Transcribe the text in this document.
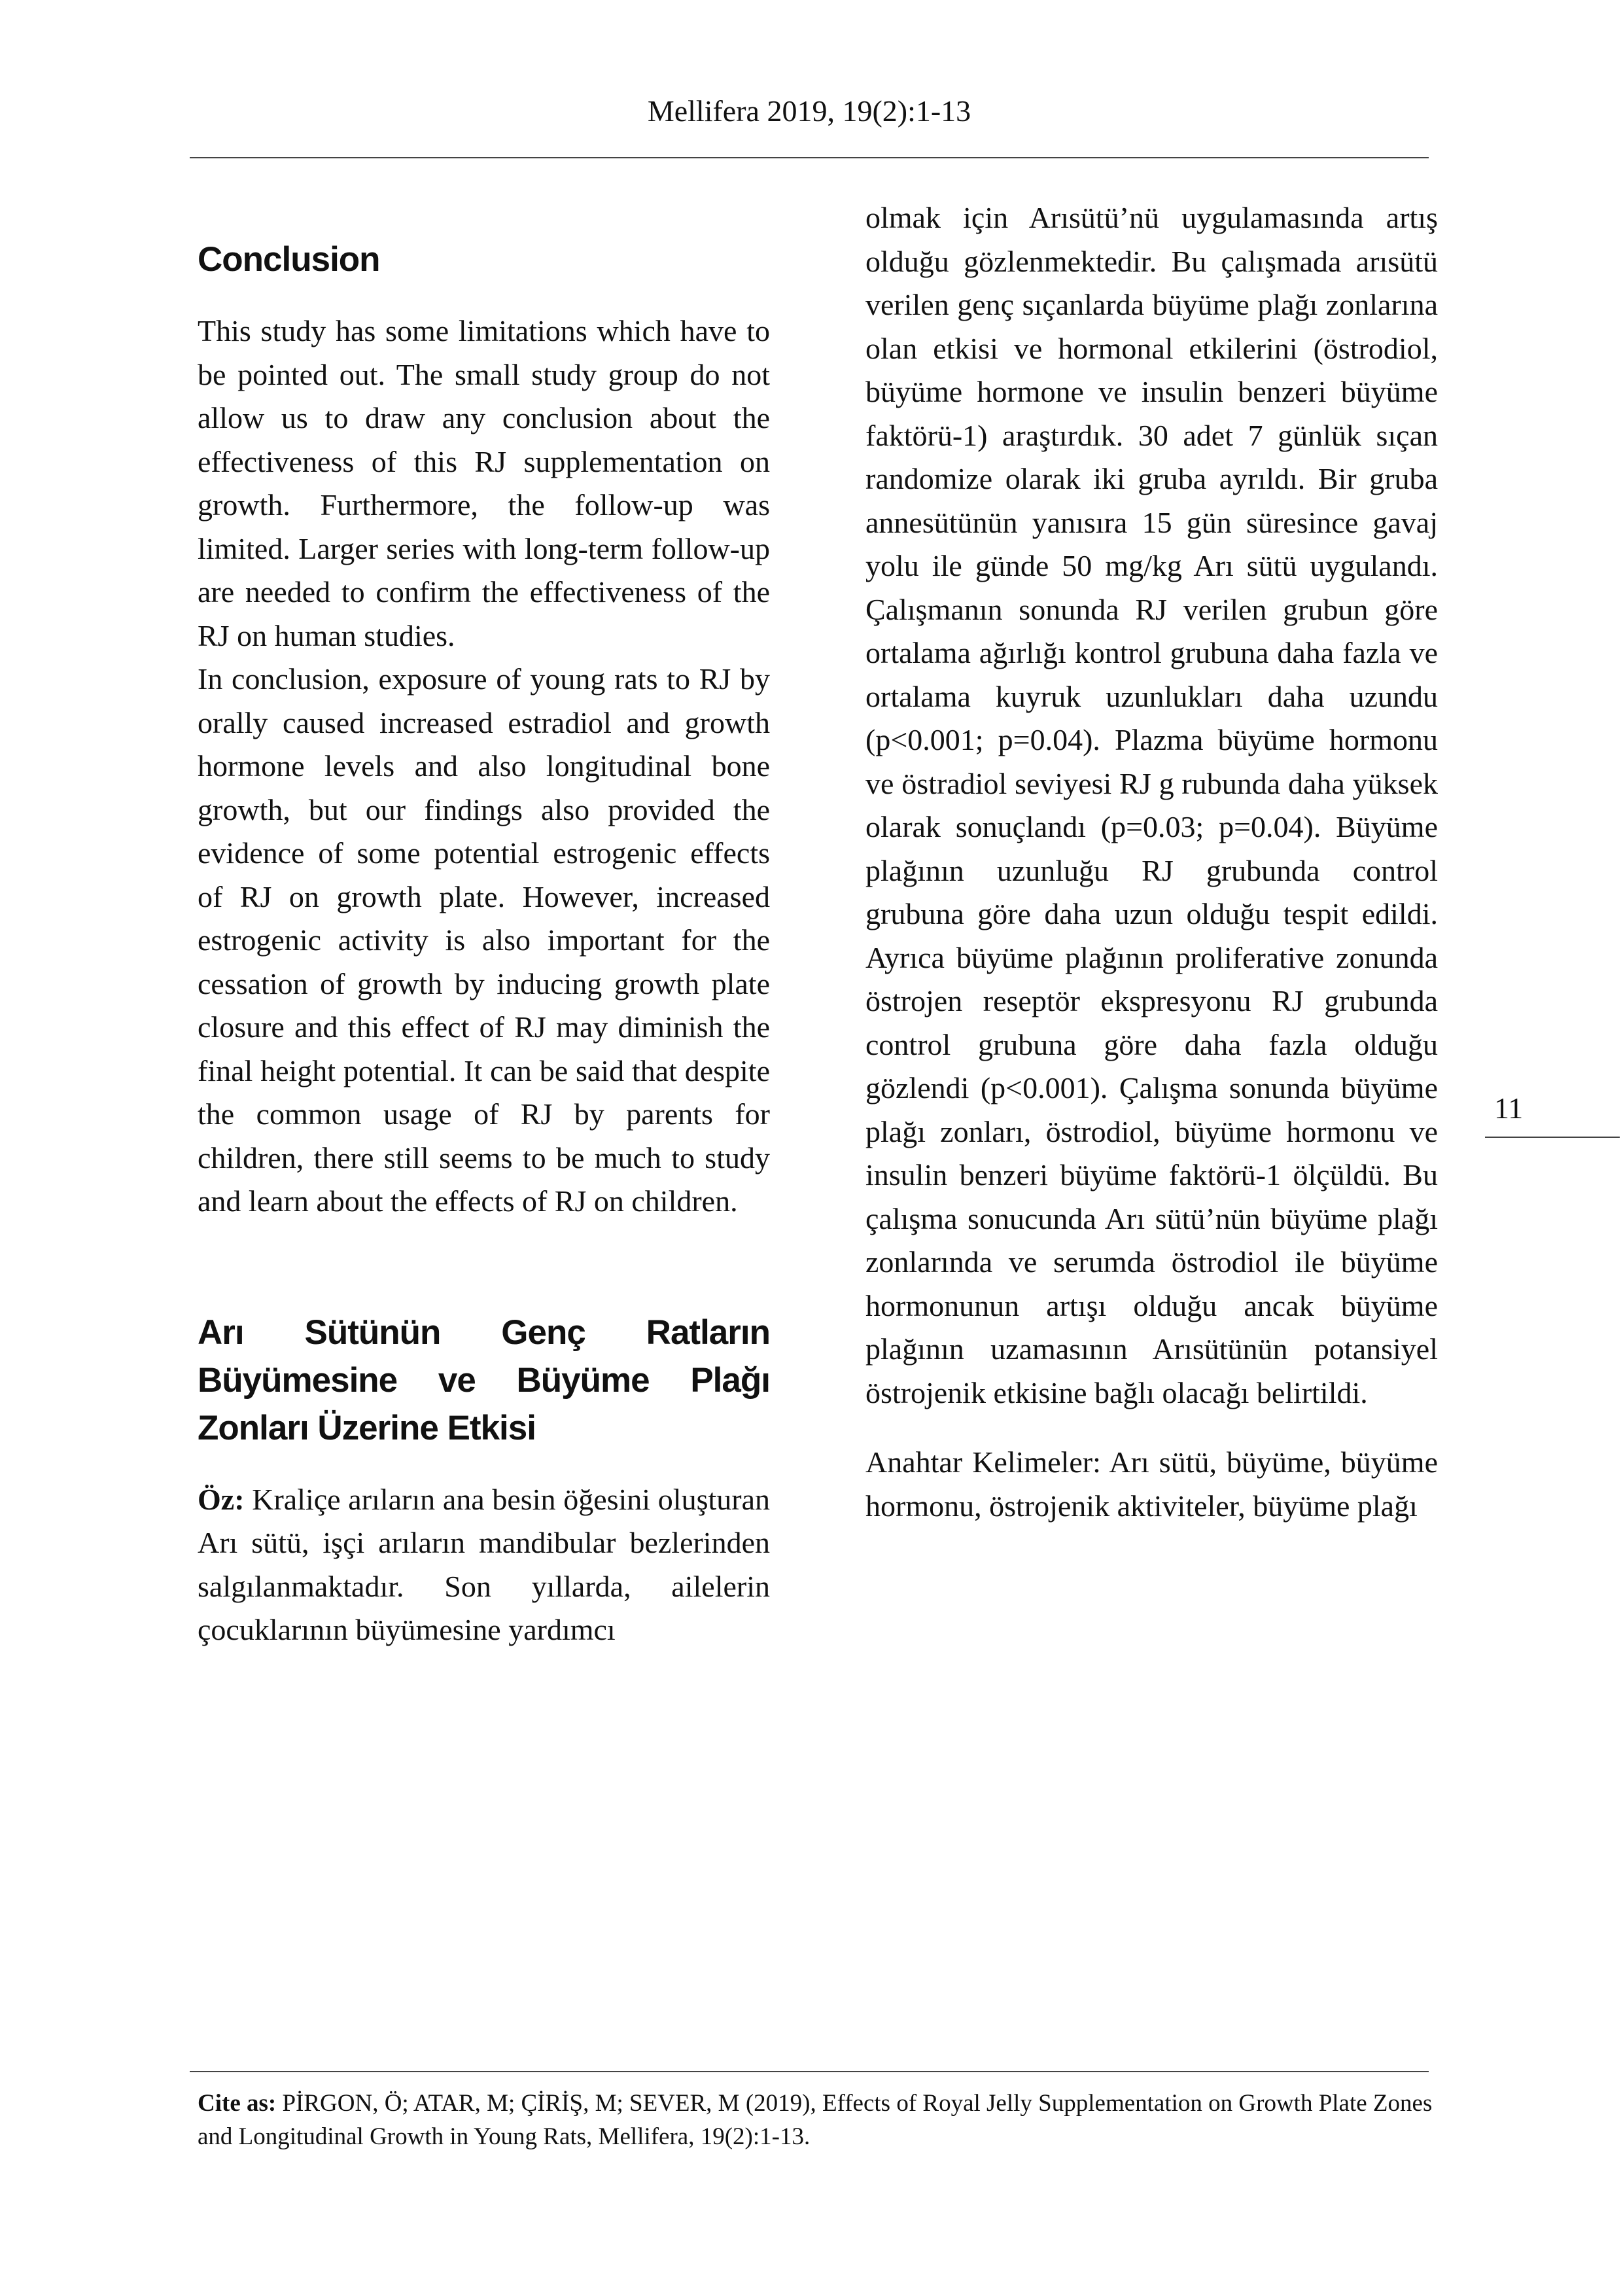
Mellifera 2019, 19(2):1-13
Conclusion

This study has some limitations which have to be pointed out. The small study group do not allow us to draw any conclusion about the effectiveness of this RJ supplementation on growth. Furthermore, the follow-up was limited. Larger series with long-term follow-up are needed to confirm the effectiveness of the RJ on human studies.

In conclusion, exposure of young rats to RJ by orally caused increased estradiol and growth hormone levels and also longitudinal bone growth, but our findings also provided the evidence of some potential estrogenic effects of RJ on growth plate. However, increased estrogenic activity is also important for the cessation of growth by inducing growth plate closure and this effect of RJ may diminish the final height potential. It can be said that despite the common usage of RJ by parents for children, there still seems to be much to study and learn about the effects of RJ on children.

Arı Sütünün Genç Ratların Büyümesine ve Büyüme Plağı Zonları Üzerine Etkisi

Öz: Kraliçe arıların ana besin öğesini oluşturan Arı sütü, işçi arıların mandibular bezlerinden salgılanmaktadır. Son yıllarda, ailelerin çocuklarının büyümesine yardımcı

olmak için Arısütü’nü uygulamasında artış olduğu gözlenmektedir. Bu çalışmada arısütü verilen genç sıçanlarda büyüme plağı zonlarına olan etkisi ve hormonal etkilerini (östrodiol, büyüme hormone ve insulin benzeri büyüme faktörü-1) araştırdık. 30 adet 7 günlük sıçan randomize olarak iki gruba ayrıldı. Bir gruba annesütünün yanısıra 15 gün süresince gavaj yolu ile günde 50 mg/kg Arı sütü uygulandı. Çalışmanın sonunda RJ verilen grubun göre ortalama ağırlığı kontrol grubuna daha fazla ve ortalama kuyruk uzunlukları daha uzundu (p<0.001; p=0.04). Plazma büyüme hormonu ve östradiol seviyesi RJ g rubunda daha yüksek olarak sonuçlandı (p=0.03; p=0.04). Büyüme plağının uzunluğu RJ grubunda control grubuna göre daha uzun olduğu tespit edildi. Ayrıca büyüme plağının proliferative zonunda östrojen reseptör ekspresyonu RJ grubunda control grubuna göre daha fazla olduğu gözlendi (p<0.001). Çalışma sonunda büyüme plağı zonları, östrodiol, büyüme hormonu ve insulin benzeri büyüme faktörü-1 ölçüldü. Bu çalışma sonucunda Arı sütü’nün büyüme plağı zonlarında ve serumda östrodiol ile büyüme hormonunun artışı olduğu ancak büyüme plağının uzamasının Arısütünün potansiyel östrojenik etkisine bağlı olacağı belirtildi.

Anahtar Kelimeler: Arı sütü, büyüme, büyüme hormonu, östrojenik aktiviteler, büyüme plağı

11
Cite as: PİRGON, Ö; ATAR, M; ÇİRİŞ, M; SEVER, M (2019), Effects of Royal Jelly Supplementation on Growth Plate Zones and Longitudinal Growth in Young Rats, Mellifera, 19(2):1-13.
